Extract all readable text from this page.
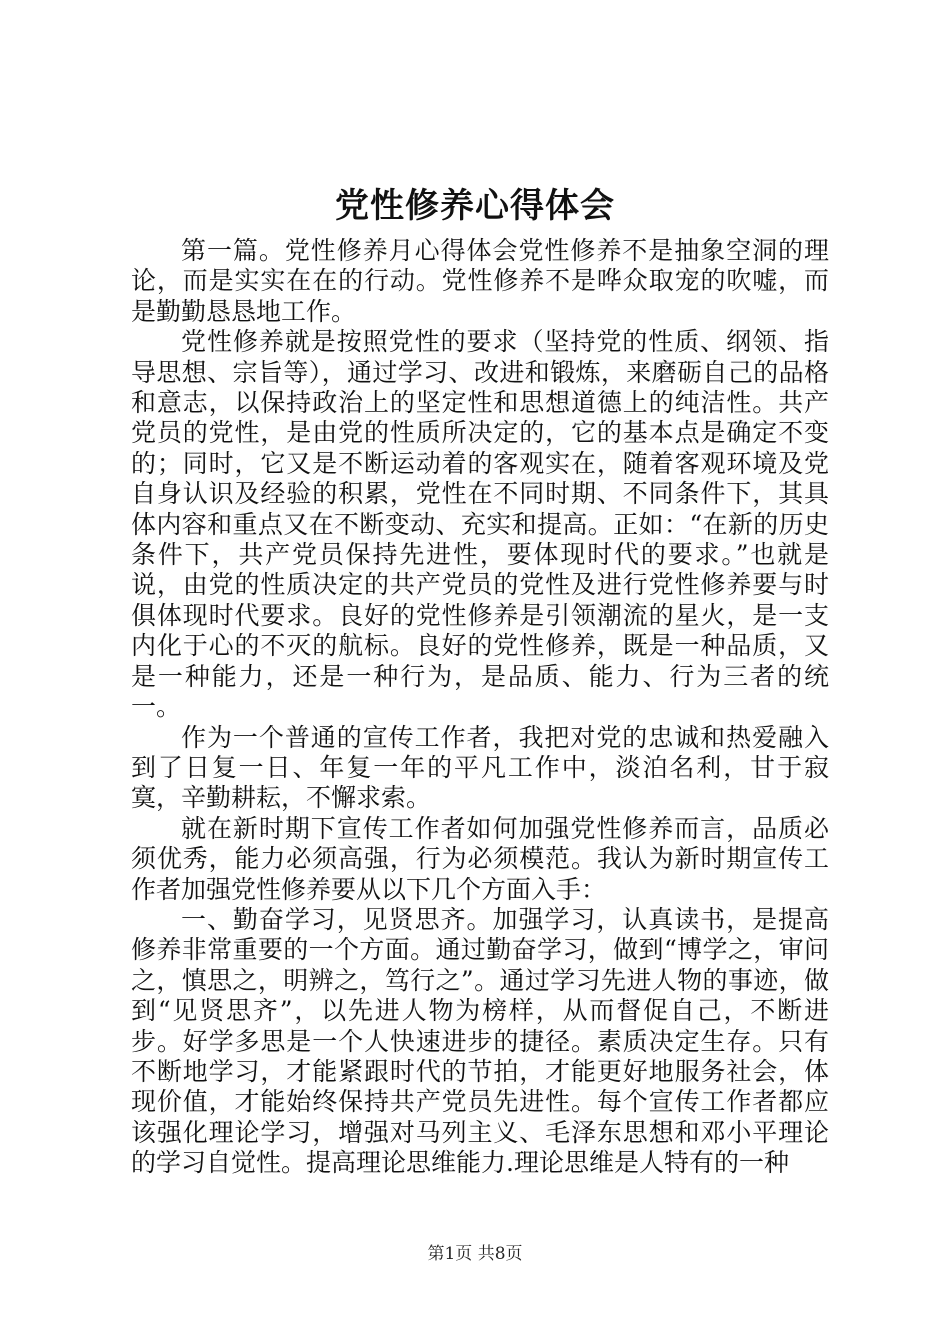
党性修养心得体会

第一篇。党性修养月心得体会党性修养不是抽象空洞的理论，而是实实在在的行动。党性修养不是哗众取宠的吹嘘，而是勤勤恳恳地工作。

党性修养就是按照党性的要求（坚持党的性质、纲领、指导思想、宗旨等），通过学习、改进和锻炼，来磨砺自己的品格和意志，以保持政治上的坚定性和思想道德上的纯洁性。共产党员的党性，是由党的性质所决定的，它的基本点是确定不变的；同时，它又是不断运动着的客观实在，随着客观环境及党自身认识及经验的积累，党性在不同时期、不同条件下，其具体内容和重点又在不断变动、充实和提高。正如：“在新的历史条件下，共产党员保持先进性，要体现时代的要求。”也就是说，由党的性质决定的共产党员的党性及进行党性修养要与时俱体现时代要求。良好的党性修养是引领潮流的星火，是一支内化于心的不灭的航标。良好的党性修养，既是一种品质，又是一种能力，还是一种行为，是品质、能力、行为三者的统一。

作为一个普通的宣传工作者，我把对党的忠诚和热爱融入到了日复一日、年复一年的平凡工作中，淡泊名利，甘于寂寞，辛勤耕耘，不懈求索。

就在新时期下宣传工作者如何加强党性修养而言，品质必须优秀，能力必须高强，行为必须模范。我认为新时期宣传工作者加强党性修养要从以下几个方面入手：

一、勤奋学习，见贤思齐。加强学习，认真读书，是提高修养非常重要的一个方面。通过勤奋学习，做到“博学之，审问之，慎思之，明辨之，笃行之”。通过学习先进人物的事迹，做到“见贤思齐”，以先进人物为榜样，从而督促自己，不断进步。好学多思是一个人快速进步的捷径。素质决定生存。只有不断地学习，才能紧跟时代的节拍，才能更好地服务社会，体现价值，才能始终保持共产党员先进性。每个宣传工作者都应该强化理论学习，增强对马列主义、毛泽东思想和邓小平理论的学习自觉性。提高理论思维能力.理论思维是人特有的一种

第1页 共8页
